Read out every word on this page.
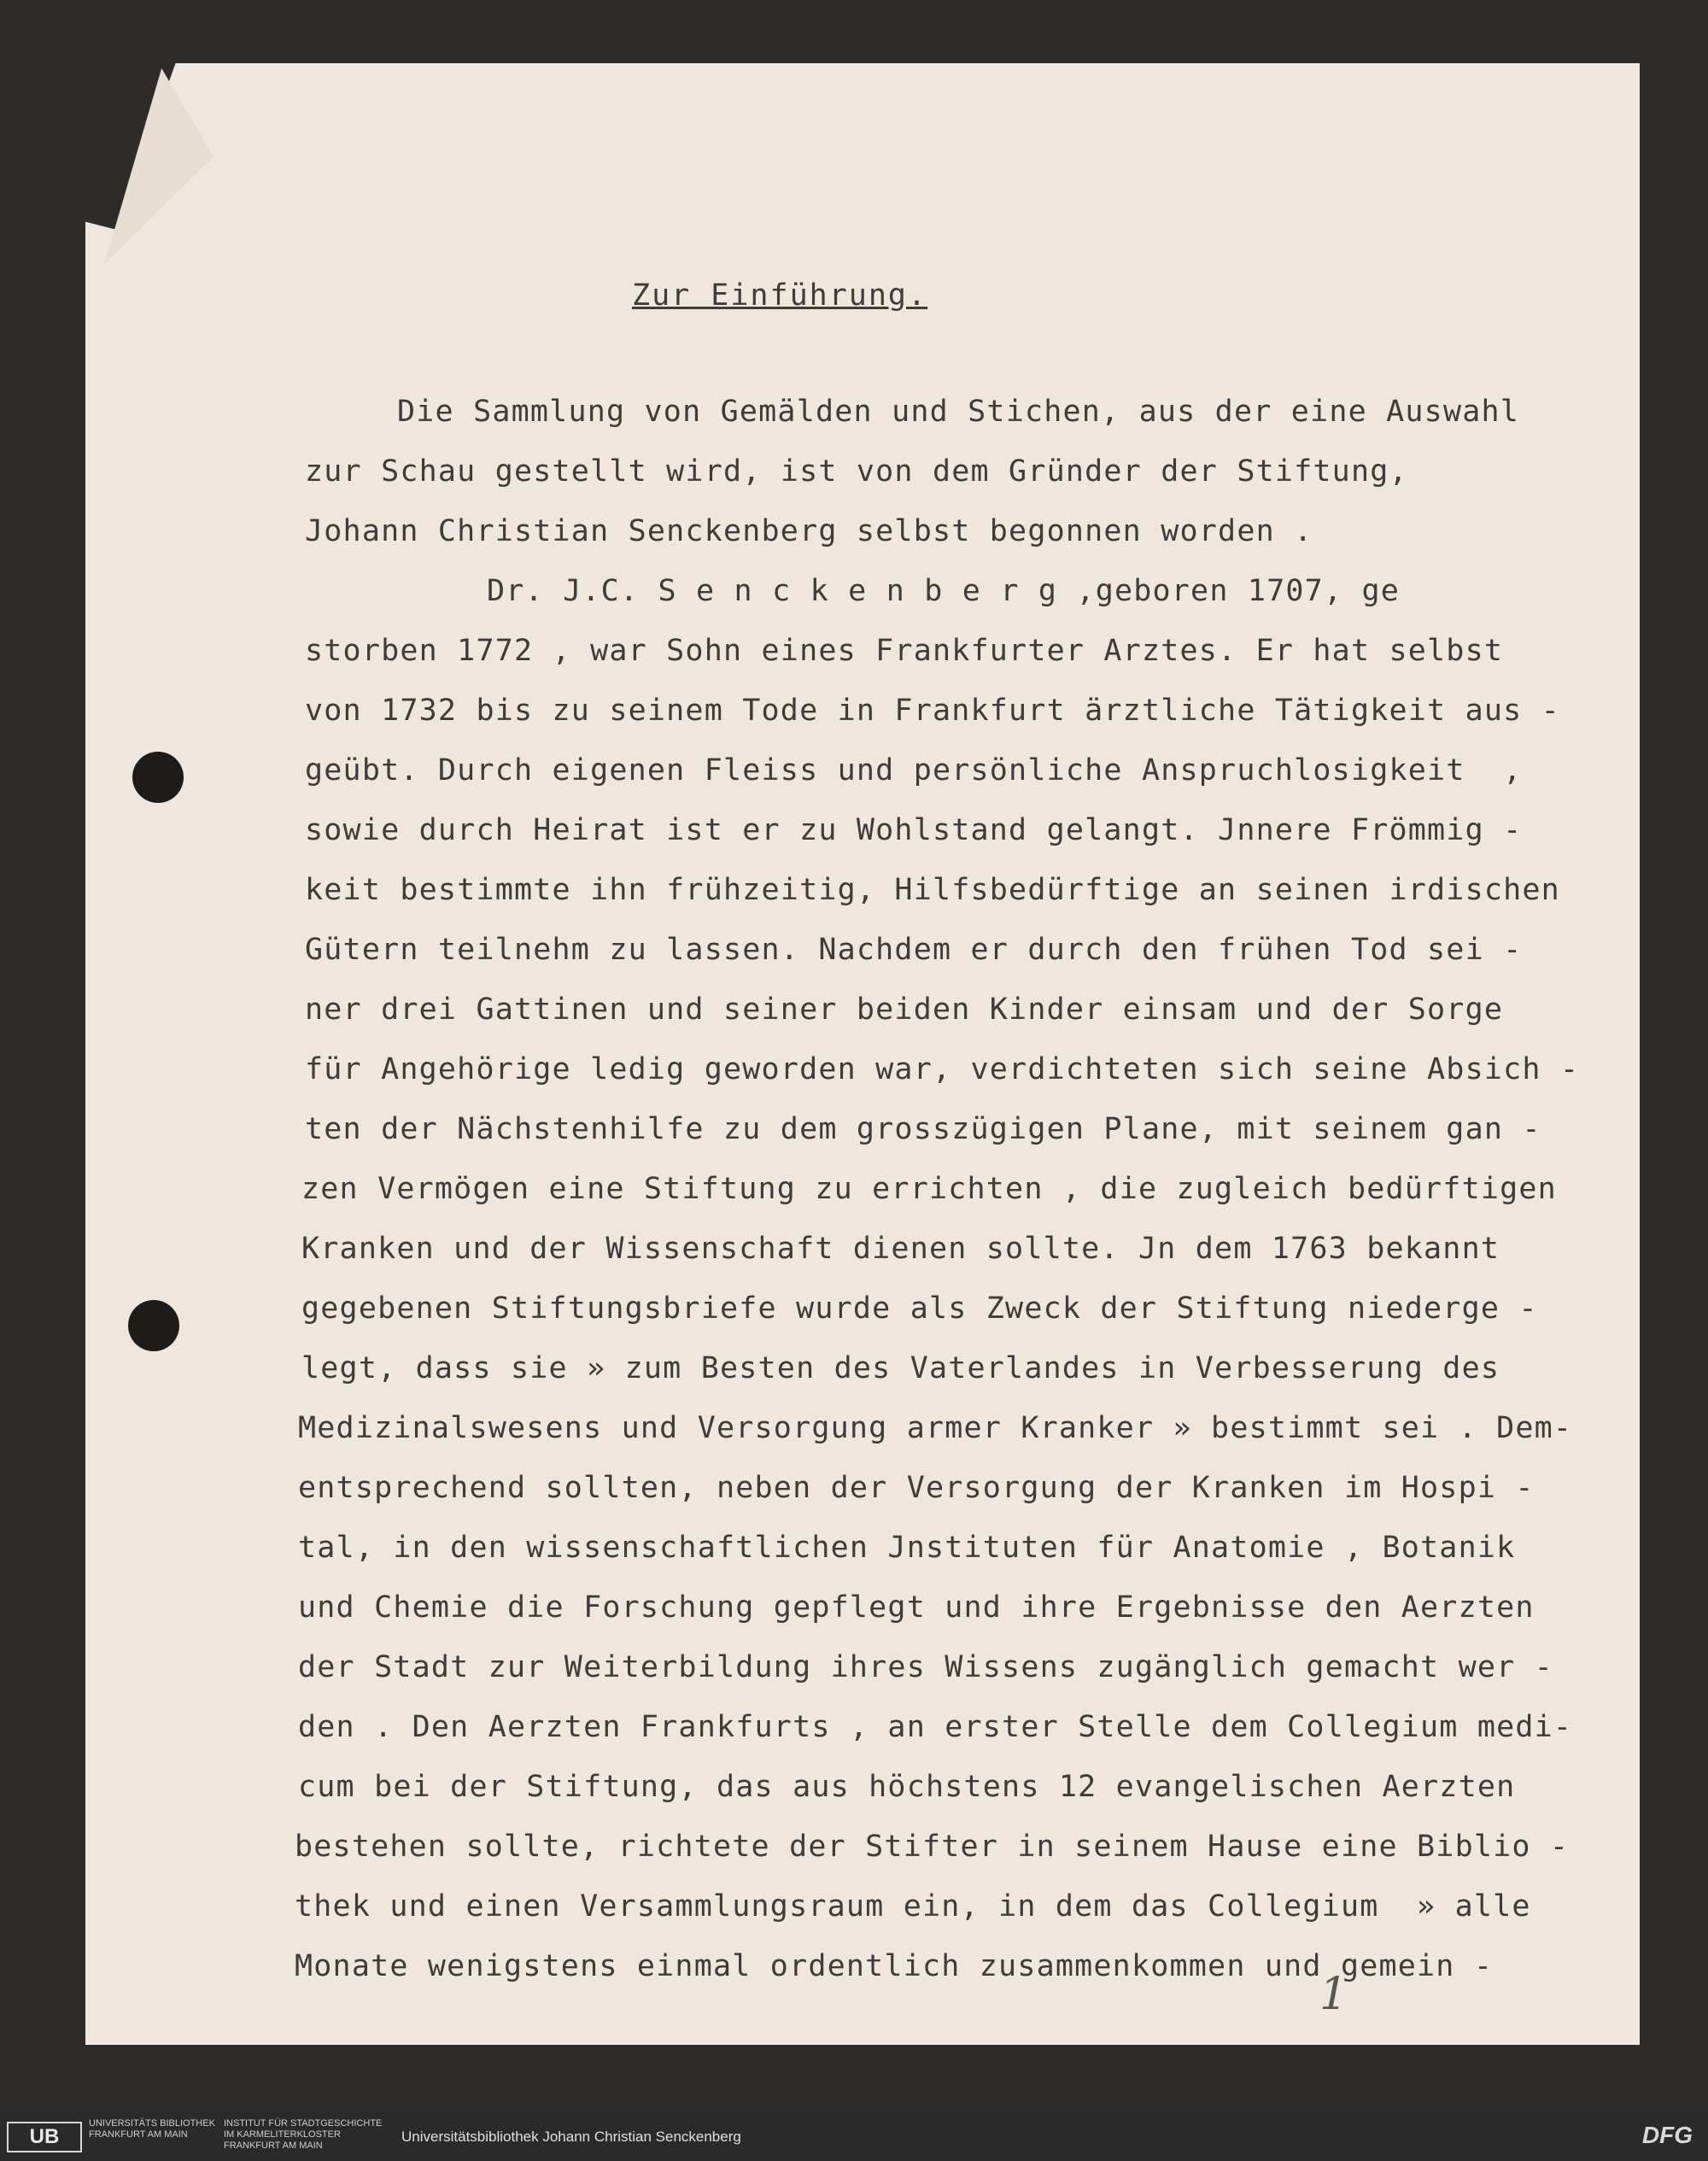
Zur Einführung.
Die Sammlung von Gemälden und Stichen, aus der eine Auswahl
zur Schau gestellt wird, ist von dem Gründer der Stiftung,
Johann Christian Senckenberg selbst begonnen worden .
Dr. J.C. S e n c k e n b e r g ,geboren 1707, ge
storben 1772 , war Sohn eines Frankfurter Arztes. Er hat selbst
von 1732 bis zu seinem Tode in Frankfurt ärztliche Tätigkeit aus -
geübt. Durch eigenen Fleiss und persönliche Anspruchlosigkeit  ,
sowie durch Heirat ist er zu Wohlstand gelangt. Jnnere Frömmig -
keit bestimmte ihn frühzeitig, Hilfsbedürftige an seinen irdischen
Gütern teilnehm zu lassen. Nachdem er durch den frühen Tod sei -
ner drei Gattinen und seiner beiden Kinder einsam und der Sorge
für Angehörige ledig geworden war, verdichteten sich seine Absich -
ten der Nächstenhilfe zu dem grosszügigen Plane, mit seinem gan -
zen Vermögen eine Stiftung zu errichten , die zugleich bedürftigen
Kranken und der Wissenschaft dienen sollte. Jn dem 1763 bekannt
gegebenen Stiftungsbriefe wurde als Zweck der Stiftung niederge -
legt, dass sie » zum Besten des Vaterlandes in Verbesserung des
Medizinalswesens und Versorgung armer Kranker » bestimmt sei . Dem-
entsprechend sollten, neben der Versorgung der Kranken im Hospi -
tal, in den wissenschaftlichen Jnstituten für Anatomie , Botanik
und Chemie die Forschung gepflegt und ihre Ergebnisse den Aerzten
der Stadt zur Weiterbildung ihres Wissens zugänglich gemacht wer -
den . Den Aerzten Frankfurts , an erster Stelle dem Collegium medi-
cum bei der Stiftung, das aus höchstens 12 evangelischen Aerzten
bestehen sollte, richtete der Stifter in seinem Hause eine Biblio -
thek und einen Versammlungsraum ein, in dem das Collegium  » alle
Monate wenigstens einmal ordentlich zusammenkommen und gemein -
1
UB
UNIVERSITÄTS BIBLIOTHEK
FRANKFURT AM MAIN
INSTITUT FÜR STADTGESCHICHTE
IM KARMELITERKLOSTER
FRANKFURT AM MAIN
Universitätsbibliothek Johann Christian Senckenberg	DFG
